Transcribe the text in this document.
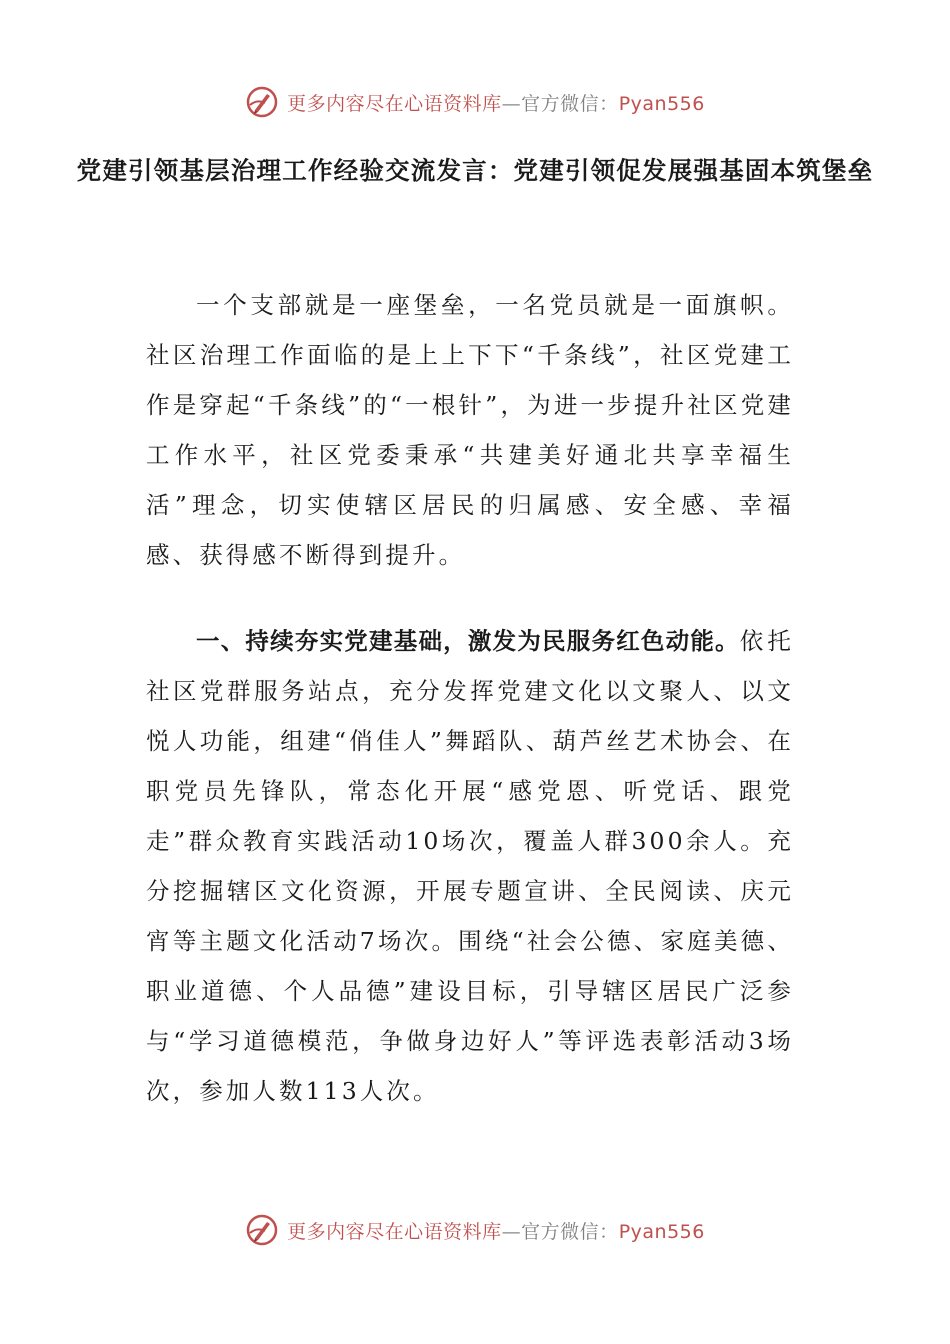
更多内容尽在心语资料库—官方微信：Pyan556
党建引领基层治理工作经验交流发言：党建引领促发展强基固本筑堡垒

一个支部就是一座堡垒，一名党员就是一面旗帜。社区治理工作面临的是上上下下“千条线”，社区党建工作是穿起“千条线”的“一根针”，为进一步提升社区党建工作水平，社区党委秉承“共建美好通北共享幸福生活”理念，切实使辖区居民的归属感、安全感、幸福感、获得感不断得到提升。

一、持续夯实党建基础，激发为民服务红色动能。依托社区党群服务站点，充分发挥党建文化以文聚人、以文悦人功能，组建“俏佳人”舞蹈队、葫芦丝艺术协会、在职党员先锋队，常态化开展“感党恩、听党话、跟党走”群众教育实践活动10场次，覆盖人群300余人。充分挖掘辖区文化资源，开展专题宣讲、全民阅读、庆元宵等主题文化活动7场次。围绕“社会公德、家庭美德、职业道德、个人品德”建设目标，引导辖区居民广泛参与“学习道德模范，争做身边好人”等评选表彰活动3场次，参加人数113人次。

更多内容尽在心语资料库—官方微信：Pyan556
